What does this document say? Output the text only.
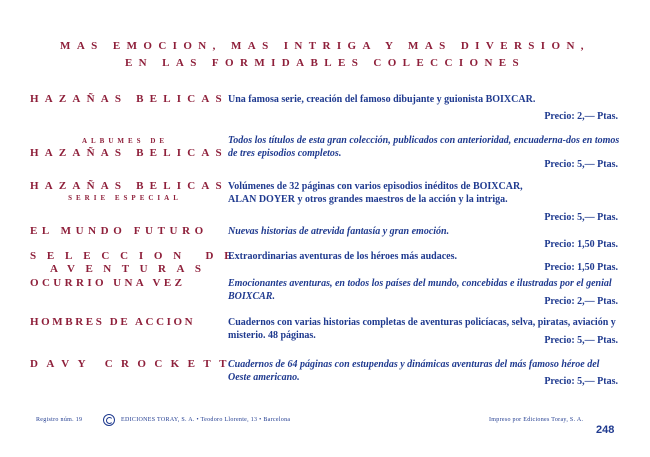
MAS EMOCION, MAS INTRIGA Y MAS DIVERSION,
EN LAS FORMIDABLES COLECCIONES
HAZAÑAS BELICAS Una famosa serie, creación del famoso dibujante y guionista BOIXCAR.
Precio: 2,— Ptas.
ALBUMES DE
HAZAÑAS BELICAS
Todos los títulos de esta gran colección, publicados con anterioridad, encuaderna-dos en tomos de tres episodios completos.
Precio: 5,— Ptas.
HAZAÑAS BELICAS
SERIE ESPECIAL
Volúmenes de 32 páginas con varios episodios inéditos de BOIXCAR,
ALAN DOYER y otros grandes maestros de la acción y la intriga.
Precio: 5,— Ptas.
EL MUNDO FUTURO	Nuevas historias de atrevida fantasía y gran emoción.
Precio: 1,50 Ptas.
SELECCION DE
AVENTURAS
Extraordinarias aventuras de los héroes más audaces.
Precio: 1,50 Ptas.
OCURRIO UNA VEZ	Emocionantes aventuras, en todos los países del mundo, concebidas e ilustradas por el genial BOIXCAR.	Precio: 2,— Ptas.
HOMBRES DE ACCION	Cuadernos con varias historias completas de aventuras policíacas, selva, piratas, aviación y misterio. 48 páginas.	Precio: 5,— Ptas.
DAVY CROCKETT
Cuadernos de 64 páginas con estupendas y dinámicas aventuras del más famoso héroe del Oeste americano.	Precio: 5,— Ptas.
Registro núm. 19	EDICIONES TORAY, S. A. • Teodoro Llorente, 13 • Barcelona	Impreso por Ediciones Toray, S. A.
248
